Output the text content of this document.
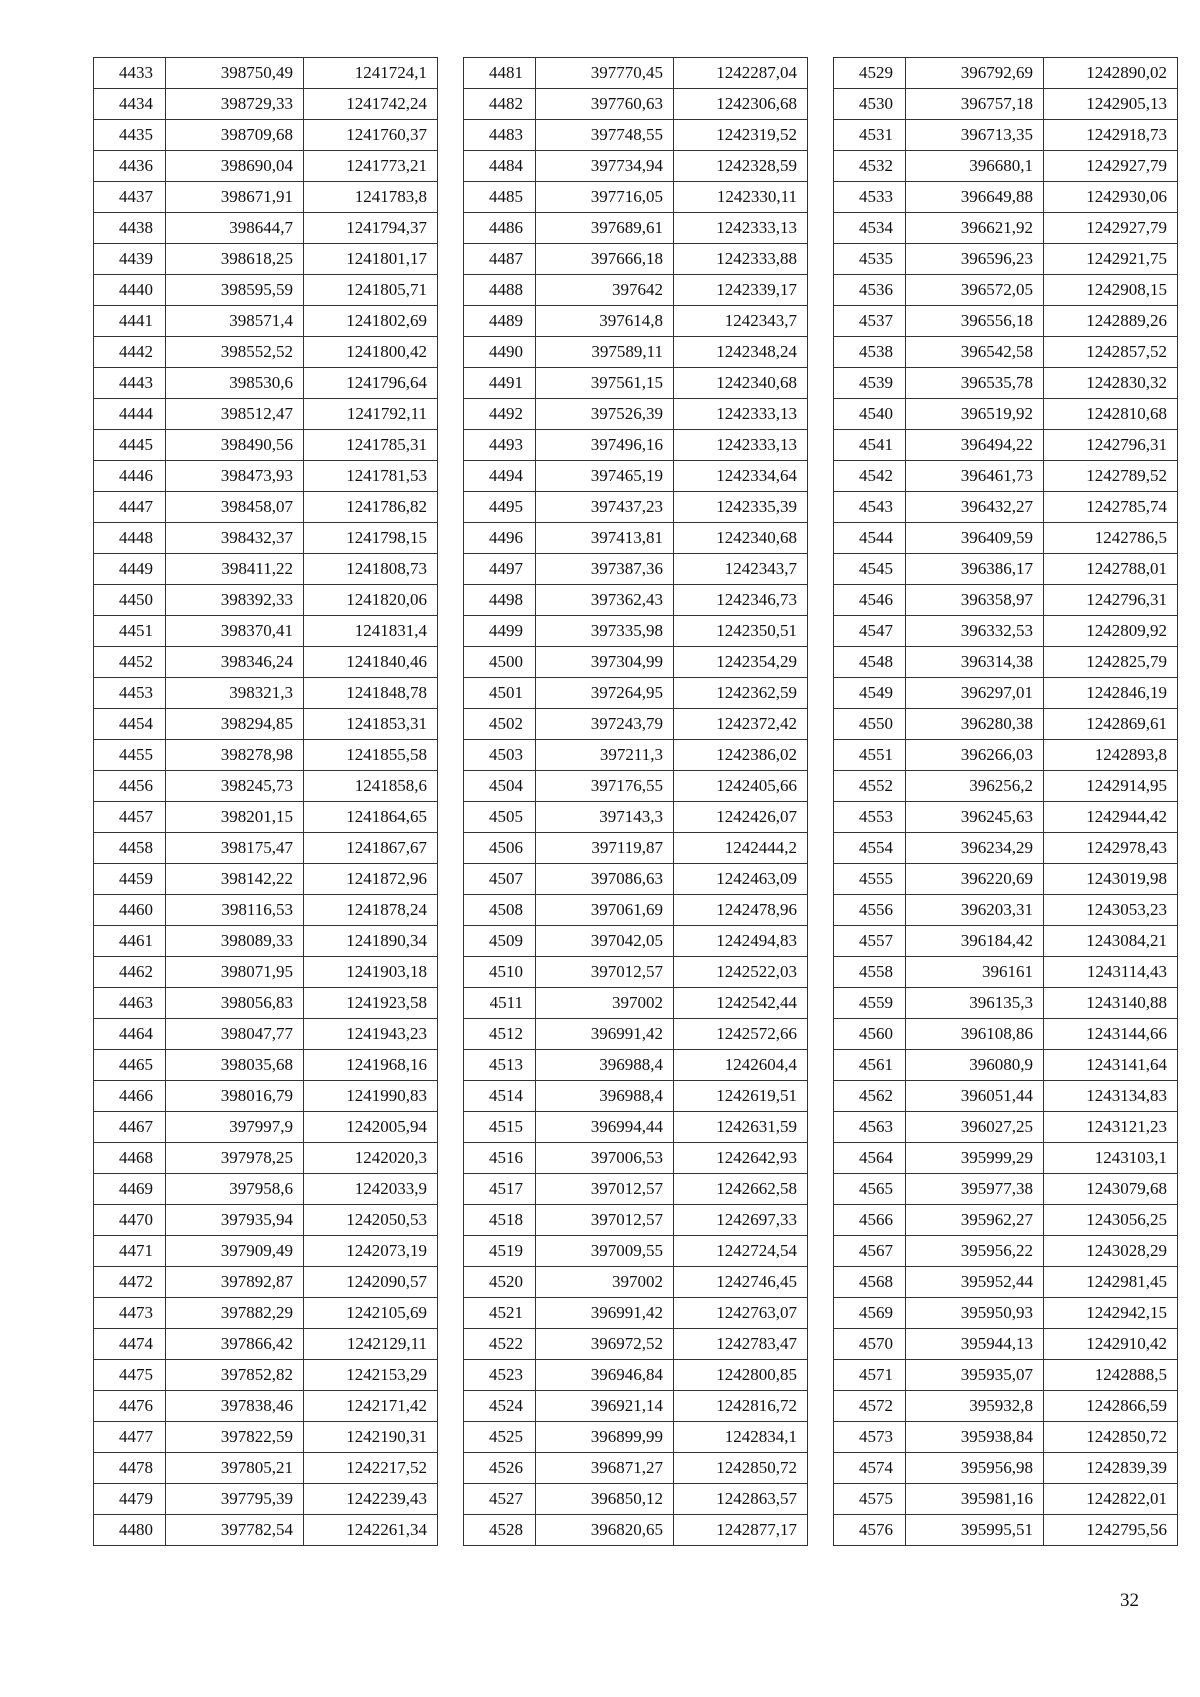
4433	398750,49	1241724,1
4434	398729,33	1241742,24
4435	398709,68	1241760,37
4436	398690,04	1241773,21
4437	398671,91	1241783,8
4438	398644,7	1241794,37
4439	398618,25	1241801,17
4440	398595,59	1241805,71
4441	398571,4	1241802,69
4442	398552,52	1241800,42
4443	398530,6	1241796,64
4444	398512,47	1241792,11
4445	398490,56	1241785,31
4446	398473,93	1241781,53
4447	398458,07	1241786,82
4448	398432,37	1241798,15
4449	398411,22	1241808,73
4450	398392,33	1241820,06
4451	398370,41	1241831,4
4452	398346,24	1241840,46
4453	398321,3	1241848,78
4454	398294,85	1241853,31
4455	398278,98	1241855,58
4456	398245,73	1241858,6
4457	398201,15	1241864,65
4458	398175,47	1241867,67
4459	398142,22	1241872,96
4460	398116,53	1241878,24
4461	398089,33	1241890,34
4462	398071,95	1241903,18
4463	398056,83	1241923,58
4464	398047,77	1241943,23
4465	398035,68	1241968,16
4466	398016,79	1241990,83
4467	397997,9	1242005,94
4468	397978,25	1242020,3
4469	397958,6	1242033,9
4470	397935,94	1242050,53
4471	397909,49	1242073,19
4472	397892,87	1242090,57
4473	397882,29	1242105,69
4474	397866,42	1242129,11
4475	397852,82	1242153,29
4476	397838,46	1242171,42
4477	397822,59	1242190,31
4478	397805,21	1242217,52
4479	397795,39	1242239,43
4480	397782,54	1242261,34
4481	397770,45	1242287,04
4482	397760,63	1242306,68
4483	397748,55	1242319,52
4484	397734,94	1242328,59
4485	397716,05	1242330,11
4486	397689,61	1242333,13
4487	397666,18	1242333,88
4488	397642	1242339,17
4489	397614,8	1242343,7
4490	397589,11	1242348,24
4491	397561,15	1242340,68
4492	397526,39	1242333,13
4493	397496,16	1242333,13
4494	397465,19	1242334,64
4495	397437,23	1242335,39
4496	397413,81	1242340,68
4497	397387,36	1242343,7
4498	397362,43	1242346,73
4499	397335,98	1242350,51
4500	397304,99	1242354,29
4501	397264,95	1242362,59
4502	397243,79	1242372,42
4503	397211,3	1242386,02
4504	397176,55	1242405,66
4505	397143,3	1242426,07
4506	397119,87	1242444,2
4507	397086,63	1242463,09
4508	397061,69	1242478,96
4509	397042,05	1242494,83
4510	397012,57	1242522,03
4511	397002	1242542,44
4512	396991,42	1242572,66
4513	396988,4	1242604,4
4514	396988,4	1242619,51
4515	396994,44	1242631,59
4516	397006,53	1242642,93
4517	397012,57	1242662,58
4518	397012,57	1242697,33
4519	397009,55	1242724,54
4520	397002	1242746,45
4521	396991,42	1242763,07
4522	396972,52	1242783,47
4523	396946,84	1242800,85
4524	396921,14	1242816,72
4525	396899,99	1242834,1
4526	396871,27	1242850,72
4527	396850,12	1242863,57
4528	396820,65	1242877,17
4529	396792,69	1242890,02
4530	396757,18	1242905,13
4531	396713,35	1242918,73
4532	396680,1	1242927,79
4533	396649,88	1242930,06
4534	396621,92	1242927,79
4535	396596,23	1242921,75
4536	396572,05	1242908,15
4537	396556,18	1242889,26
4538	396542,58	1242857,52
4539	396535,78	1242830,32
4540	396519,92	1242810,68
4541	396494,22	1242796,31
4542	396461,73	1242789,52
4543	396432,27	1242785,74
4544	396409,59	1242786,5
4545	396386,17	1242788,01
4546	396358,97	1242796,31
4547	396332,53	1242809,92
4548	396314,38	1242825,79
4549	396297,01	1242846,19
4550	396280,38	1242869,61
4551	396266,03	1242893,8
4552	396256,2	1242914,95
4553	396245,63	1242944,42
4554	396234,29	1242978,43
4555	396220,69	1243019,98
4556	396203,31	1243053,23
4557	396184,42	1243084,21
4558	396161	1243114,43
4559	396135,3	1243140,88
4560	396108,86	1243144,66
4561	396080,9	1243141,64
4562	396051,44	1243134,83
4563	396027,25	1243121,23
4564	395999,29	1243103,1
4565	395977,38	1243079,68
4566	395962,27	1243056,25
4567	395956,22	1243028,29
4568	395952,44	1242981,45
4569	395950,93	1242942,15
4570	395944,13	1242910,42
4571	395935,07	1242888,5
4572	395932,8	1242866,59
4573	395938,84	1242850,72
4574	395956,98	1242839,39
4575	395981,16	1242822,01
4576	395995,51	1242795,56
32
